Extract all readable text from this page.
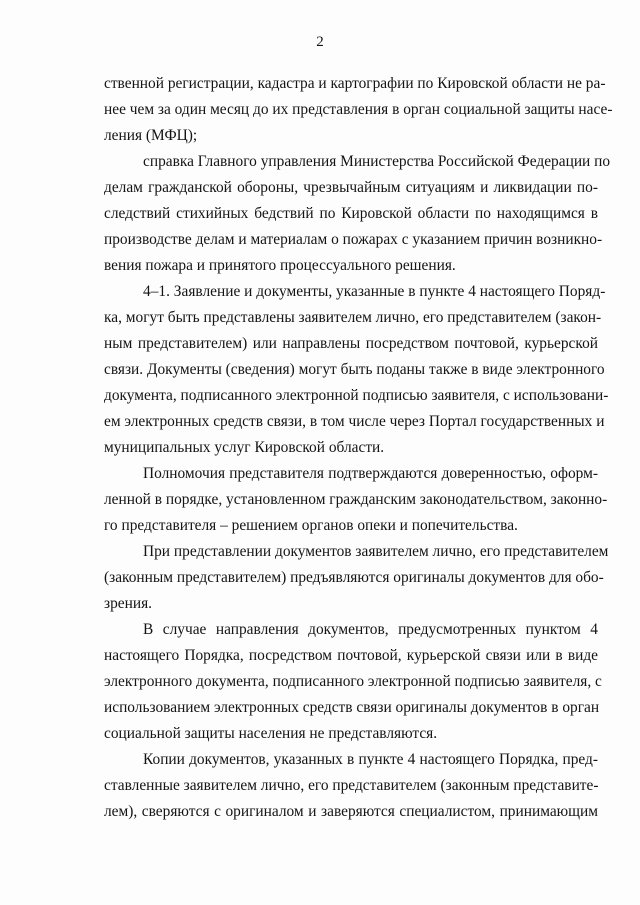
2
ственной регистрации, кадастра и картографии по Кировской области не ра-
нее чем за один месяц до их представления в орган социальной защиты насе-
ления (МФЦ);
справка Главного управления Министерства Российской Федерации по
делам гражданской обороны, чрезвычайным ситуациям и ликвидации по-
следствий стихийных бедствий по Кировской области по находящимся в
производстве делам и материалам о пожарах с указанием причин возникно-
вения пожара и принятого процессуального решения.
4–1. Заявление и документы, указанные в пункте 4 настоящего Поряд-
ка, могут быть представлены заявителем лично, его представителем (закон-
ным представителем) или направлены посредством почтовой, курьерской
связи. Документы (сведения) могут быть поданы также в виде электронного
документа, подписанного электронной подписью заявителя, с использовани-
ем электронных средств связи, в том числе через Портал государственных и
муниципальных услуг Кировской области.
Полномочия представителя подтверждаются доверенностью, оформ-
ленной в порядке, установленном гражданским законодательством, законно-
го представителя – решением органов опеки и попечительства.
При представлении документов заявителем лично, его представителем
(законным представителем) предъявляются оригиналы документов для обо-
зрения.
В случае направления документов, предусмотренных пунктом 4
настоящего Порядка, посредством почтовой, курьерской связи или в виде
электронного документа, подписанного электронной подписью заявителя, с
использованием электронных средств связи оригиналы документов в орган
социальной защиты населения не представляются.
Копии документов, указанных в пункте 4 настоящего Порядка, пред-
ставленные заявителем лично, его представителем (законным представите-
лем), сверяются с оригиналом и заверяются специалистом, принимающим
